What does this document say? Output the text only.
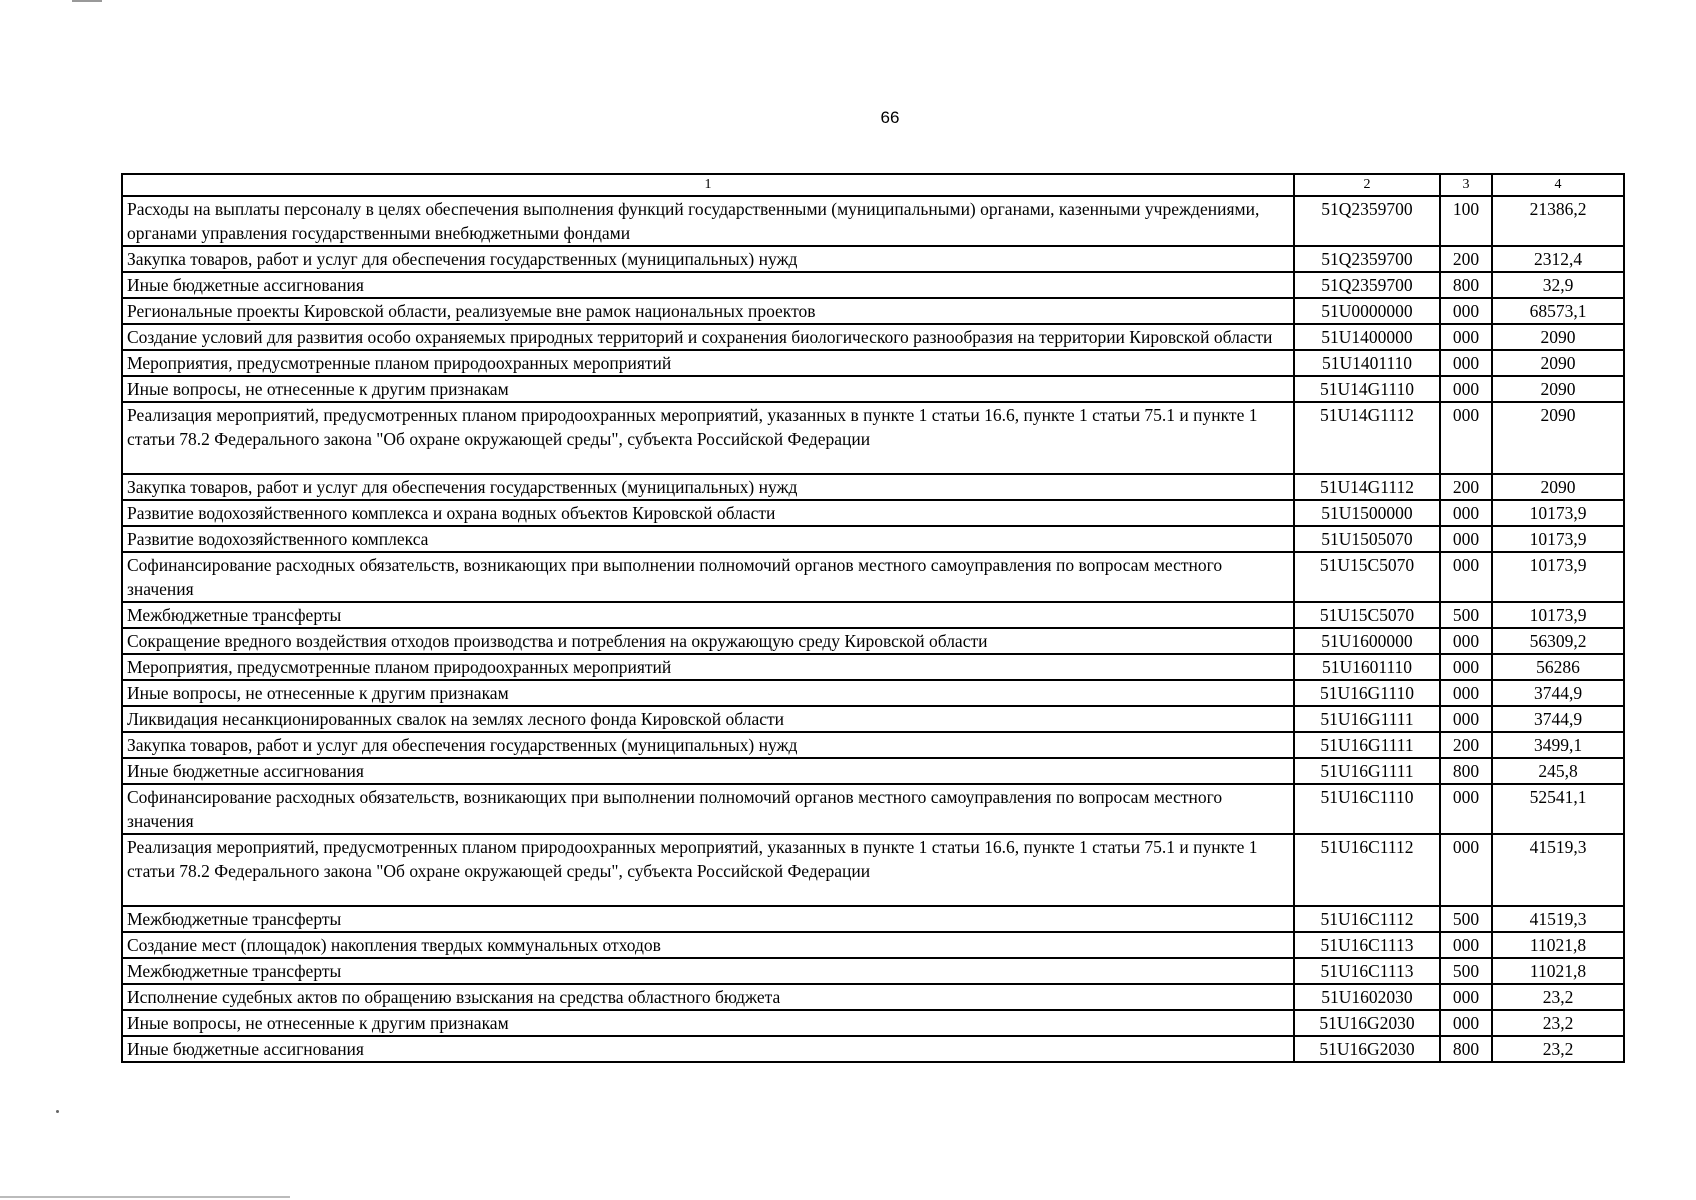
66
1	2	3	4
Расходы на выплаты персоналу в целях обеспечения выполнения функций государственными (муниципальными) органами, казенными учреждениями, органами управления государственными внебюджетными фондами	51Q2359700	100	21386,2
Закупка товаров, работ и услуг для обеспечения государственных (муниципальных) нужд	51Q2359700	200	2312,4
Иные бюджетные ассигнования	51Q2359700	800	32,9
Региональные проекты Кировской области, реализуемые вне рамок национальных проектов	51U0000000	000	68573,1
Создание условий для развития особо охраняемых природных территорий и сохранения биологического разнообразия на территории Кировской области	51U1400000	000	2090
Мероприятия, предусмотренные планом природоохранных мероприятий	51U1401110	000	2090
Иные вопросы, не отнесенные к другим признакам	51U14G1110	000	2090
Реализация мероприятий, предусмотренных планом природоохранных мероприятий, указанных в пункте 1 статьи 16.6, пункте 1 статьи 75.1 и пункте 1 статьи 78.2 Федерального закона "Об охране окружающей среды", субъекта Российской Федерации	51U14G1112	000	2090
Закупка товаров, работ и услуг для обеспечения государственных (муниципальных) нужд	51U14G1112	200	2090
Развитие водохозяйственного комплекса и охрана водных объектов Кировской области	51U1500000	000	10173,9
Развитие водохозяйственного комплекса	51U1505070	000	10173,9
Софинансирование расходных обязательств, возникающих при выполнении полномочий органов местного самоуправления по вопросам местного значения	51U15C5070	000	10173,9
Межбюджетные трансферты	51U15C5070	500	10173,9
Сокращение вредного воздействия отходов производства и потребления на окружающую среду Кировской области	51U1600000	000	56309,2
Мероприятия, предусмотренные планом природоохранных мероприятий	51U1601110	000	56286
Иные вопросы, не отнесенные к другим признакам	51U16G1110	000	3744,9
Ликвидация несанкционированных свалок на землях лесного фонда Кировской области	51U16G1111	000	3744,9
Закупка товаров, работ и услуг для обеспечения государственных (муниципальных) нужд	51U16G1111	200	3499,1
Иные бюджетные ассигнования	51U16G1111	800	245,8
Софинансирование расходных обязательств, возникающих при выполнении полномочий органов местного самоуправления по вопросам местного значения	51U16C1110	000	52541,1
Реализация мероприятий, предусмотренных планом природоохранных мероприятий, указанных в пункте 1 статьи 16.6, пункте 1 статьи 75.1 и пункте 1 статьи 78.2 Федерального закона "Об охране окружающей среды", субъекта Российской Федерации	51U16C1112	000	41519,3
Межбюджетные трансферты	51U16C1112	500	41519,3
Создание мест (площадок) накопления твердых коммунальных отходов	51U16C1113	000	11021,8
Межбюджетные трансферты	51U16C1113	500	11021,8
Исполнение судебных актов по обращению взыскания на средства областного бюджета	51U1602030	000	23,2
Иные вопросы, не отнесенные к другим признакам	51U16G2030	000	23,2
Иные бюджетные ассигнования	51U16G2030	800	23,2
